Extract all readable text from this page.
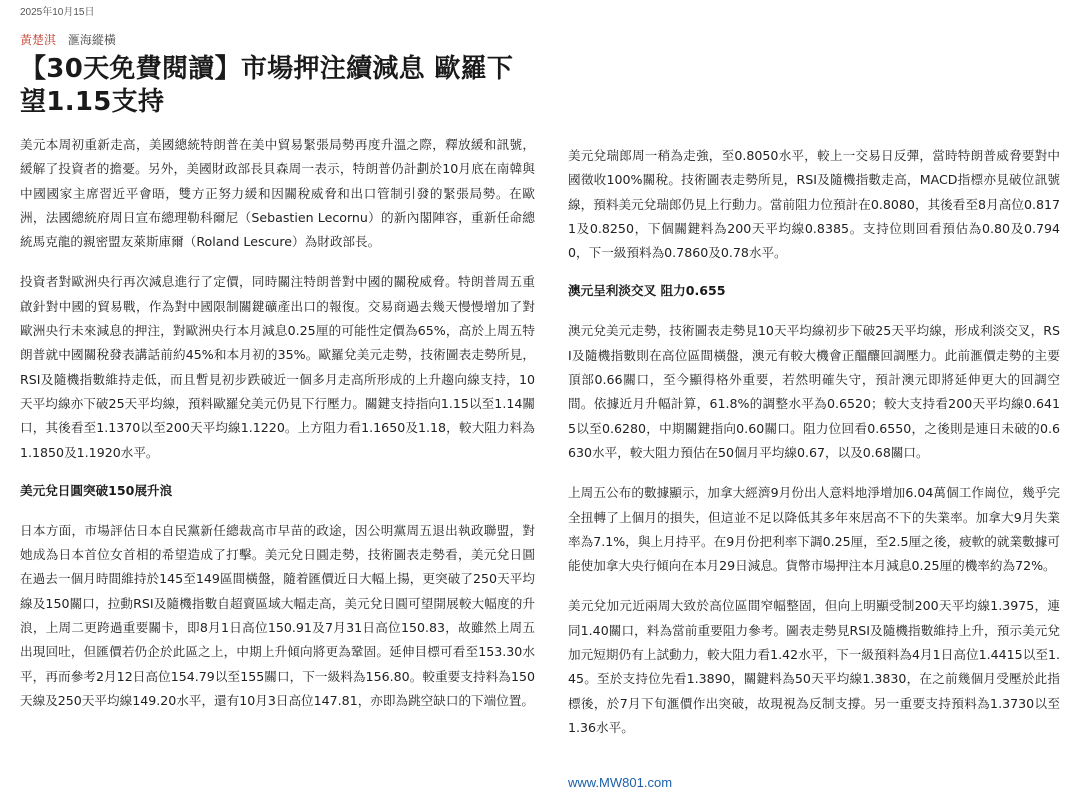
2025年10月15日
黃楚淇 滙海縱橫
【30天免費閱讀】市場押注續減息 歐羅下望1.15支持

美元本周初重新走高，美國總統特朗普在美中貿易緊張局勢再度升溫之際，釋放緩和訊號，緩解了投資者的擔憂。另外，美國財政部長貝森周一表示，特朗普仍計劃於10月底在南韓與中國國家主席習近平會晤，雙方正努力緩和因關稅威脅和出口管制引發的緊張局勢。在歐洲，法國總統府周日宣布總理勒科爾尼（Sebastien Lecornu）的新內閣陣容，重新任命總統馬克龍的親密盟友萊斯庫爾（Roland Lescure）為財政部長。

投資者對歐洲央行再次減息進行了定價，同時關注特朗普對中國的關稅威脅。特朗普周五重啟針對中國的貿易戰，作為對中國限制關鍵礦產出口的報復。交易商過去幾天慢慢增加了對歐洲央行未來減息的押注，對歐洲央行本月減息0.25厘的可能性定價為65%，高於上周五特朗普就中國關稅發表講話前約45%和本月初的35%。歐羅兌美元走勢，技術圖表走勢所見，RSI及隨機指數維持走低，而且暫見初步跌破近一個多月走高所形成的上升趨向線支持，10天平均線亦下破25天平均線，預料歐羅兌美元仍見下行壓力。關鍵支持指向1.15以至1.14關口，其後看至1.1370以至200天平均線1.1220。上方阻力看1.1650及1.18，較大阻力料為1.1850及1.1920水平。

美元兌日圓突破150展升浪

日本方面，市場評估日本自民黨新任總裁高市早苗的政途，因公明黨周五退出執政聯盟，對她成為日本首位女首相的希望造成了打擊。美元兌日圓走勢，技術圖表走勢看，美元兌日圓在過去一個月時間維持於145至149區間橫盤，隨着匯價近日大幅上揚，更突破了250天平均線及150關口，拉動RSI及隨機指數自超賣區域大幅走高，美元兌日圓可望開展較大幅度的升浪，上周二更跨過重要關卡，即8月1日高位150.91及7月31日高位150.83，故雖然上周五出現回吐，但匯價若仍企於此區之上，中期上升傾向將更為鞏固。延伸目標可看至153.30水平，再而參考2月12日高位154.79以至155關口，下一級料為156.80。較重要支持料為150天線及250天平均線149.20水平，還有10月3日高位147.81，亦即為跳空缺口的下端位置。

美元兌瑞郎周一稍為走強，至0.8050水平，較上一交易日反彈，當時特朗普威脅要對中國徵收100%關稅。技術圖表走勢所見，RSI及隨機指數走高，MACD指標亦見破位訊號線，預料美元兌瑞郎仍見上行動力。當前阻力位預計在0.8080，其後看至8月高位0.8171及0.8250，下個關鍵料為200天平均線0.8385。支持位則回看預估為0.80及0.7940，下一級預料為0.7860及0.78水平。

澳元呈利淡交叉 阻力0.655

澳元兌美元走勢，技術圖表走勢見10天平均線初步下破25天平均線，形成利淡交叉，RSI及隨機指數則在高位區間橫盤，澳元有較大機會正醞釀回調壓力。此前滙價走勢的主要頂部0.66關口，至今顯得格外重要，若然明確失守，預計澳元即將延伸更大的回調空間。依據近月升幅計算，61.8%的調整水平為0.6520；較大支持看200天平均線0.6415以至0.6280，中期關鍵指向0.60關口。阻力位回看0.6550，之後則是連日未破的0.6630水平，較大阻力預估在50個月平均線0.67，以及0.68關口。

上周五公布的數據顯示，加拿大經濟9月份出人意料地淨增加6.04萬個工作崗位，幾乎完全扭轉了上個月的損失，但這並不足以降低其多年來居高不下的失業率。加拿大9月失業率為7.1%，與上月持平。在9月份把利率下調0.25厘，至2.5厘之後，疲軟的就業數據可能使加拿大央行傾向在本月29日減息。貨幣市場押注本月減息0.25厘的機率約為72%。

美元兌加元近兩周大致於高位區間窄幅整固，但向上明顯受制200天平均線1.3975，連同1.40關口，料為當前重要阻力參考。圖表走勢見RSI及隨機指數維持上升，預示美元兌加元短期仍有上試動力，較大阻力看1.42水平，下一級預料為4月1日高位1.4415以至1.45。至於支持位先看1.3890，關鍵料為50天平均線1.3830，在之前幾個月受壓於此指標後，於7月下旬滙價作出突破，故現視為反制支撐。另一重要支持預料為1.3730以至1.36水平。

www.MW801.com
